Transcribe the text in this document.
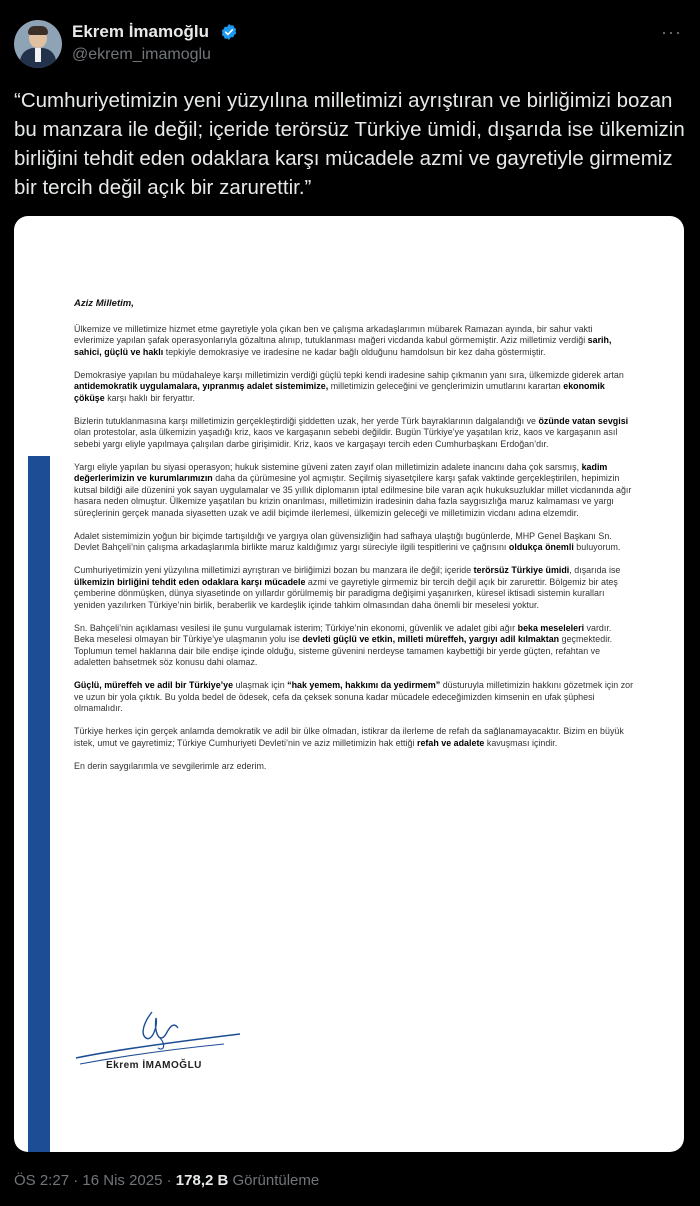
Ekrem İmamoğlu
@ekrem_imamoglu
···
“Cumhuriyetimizin yeni yüzyılına milletimizi ayrıştıran ve birliğimizi bozan bu manzara ile değil; içeride terörsüz Türkiye ümidi, dışarıda ise ülkemizin birliğini tehdit eden odaklara karşı mücadele azmi ve gayretiyle girmemiz bir tercih değil açık bir zarurettir.”

Aziz Milletim,

Ülkemize ve milletimize hizmet etme gayretiyle yola çıkan ben ve çalışma arkadaşlarımın mübarek Ramazan ayında, bir sahur vakti evlerimize yapılan şafak operasyonlarıyla gözaltına alınıp, tutuklanması mağeri vicdanda kabul görmemiştir. Aziz milletimiz verdiği sarih, sahici, güçlü ve haklı tepkiyle demokrasiye ve iradesine ne kadar bağlı olduğunu hamdolsun bir kez daha göstermiştir.

Demokrasiye yapılan bu müdahaleye karşı milletimizin verdiği güçlü tepki kendi iradesine sahip çıkmanın yanı sıra, ülkemizde giderek artan antidemokratik uygulamalara, yıpranmış adalet sistemimize, milletimizin geleceğini ve gençlerimizin umutlarını karartan ekonomik çöküşe karşı haklı bir feryattır.

Bizlerin tutuklanmasına karşı milletimizin gerçekleştirdiği şiddetten uzak, her yerde Türk bayraklarının dalgalandığı ve özünde vatan sevgisi olan protestolar, asla ülkemizin yaşadığı kriz, kaos ve kargaşanın sebebi değildir. Bugün Türkiye’ye yaşatılan kriz, kaos ve kargaşanın asıl sebebi yargı eliyle yapılmaya çalışılan darbe girişimidir. Kriz, kaos ve kargaşayı tercih eden Cumhurbaşkanı Erdoğan’dır.

Yargı eliyle yapılan bu siyasi operasyon; hukuk sistemine güveni zaten zayıf olan milletimizin adalete inancını daha çok sarsmış, kadim değerlerimizin ve kurumlarımızın daha da çürümesine yol açmıştır. Seçilmiş siyasetçilere karşı şafak vaktinde gerçekleştirilen, hepimizin kutsal bildiği aile düzenini yok sayan uygulamalar ve 35 yıllık diplomanın iptal edilmesine bile varan açık hukuksuzluklar millet vicdanında ağır hasara neden olmuştur. Ülkemize yaşatılan bu krizin onarılması, milletimizin iradesinin daha fazla saygısızlığa maruz kalmaması ve yargı süreçlerinin gerçek manada siyasetten uzak ve adil biçimde ilerlemesi, ülkemizin geleceği ve milletimizin vicdanı adına elzemdir.

Adalet sistemimizin yoğun bir biçimde tartışıldığı ve yargıya olan güvensizliğin had safhaya ulaştığı bugünlerde, MHP Genel Başkanı Sn. Devlet Bahçeli’nin çalışma arkadaşlarımla birlikte maruz kaldığımız yargı süreciyle ilgili tespitlerini ve çağrısını oldukça önemli buluyorum.

Cumhuriyetimizin yeni yüzyılına milletimizi ayrıştıran ve birliğimizi bozan bu manzara ile değil; içeride terörsüz Türkiye ümidi, dışarıda ise ülkemizin birliğini tehdit eden odaklara karşı mücadele azmi ve gayretiyle girmemiz bir tercih değil açık bir zarurettir. Bölgemiz bir ateş çemberine dönmüşken, dünya siyasetinde on yıllardır görülmemiş bir paradigma değişimi yaşanırken, küresel iktisadi sistemin kuralları yeniden yazılırken Türkiye’nin birlik, beraberlik ve kardeşlik içinde tahkim olmasından daha önemli bir meselesi yoktur.

Sn. Bahçeli’nin açıklaması vesilesi ile şunu vurgulamak isterim; Türkiye’nin ekonomi, güvenlik ve adalet gibi ağır beka meseleleri vardır. Beka meselesi olmayan bir Türkiye’ye ulaşmanın yolu ise devleti güçlü ve etkin, milleti müreffeh, yargıyı adil kılmaktan geçmektedir. Toplumun temel haklarına dair bile endişe içinde olduğu, sisteme güvenini nerdeyse tamamen kaybettiği bir yerde güçten, refahtan ve adaletten bahsetmek söz konusu dahi olamaz.

Güçlü, müreffeh ve adil bir Türkiye’ye ulaşmak için “hak yemem, hakkımı da yedirmem” düsturuyla milletimizin hakkını gözetmek için zor ve uzun bir yola çıktık. Bu yolda bedel de ödesek, cefa da çeksek sonuna kadar mücadele edeceğimizden kimsenin en ufak şüphesi olmamalıdır.

Türkiye herkes için gerçek anlamda demokratik ve adil bir ülke olmadan, istikrar da ilerleme de refah da sağlanamayacaktır. Bizim en büyük istek, umut ve gayretimiz; Türkiye Cumhuriyeti Devleti’nin ve aziz milletimizin hak ettiği refah ve adalete kavuşması içindir.

En derin saygılarımla ve sevgilerimle arz ederim.

Ekrem İMAMOĞLU
ÖS 2:27 · 16 Nis 2025 · 178,2 B Görüntüleme
